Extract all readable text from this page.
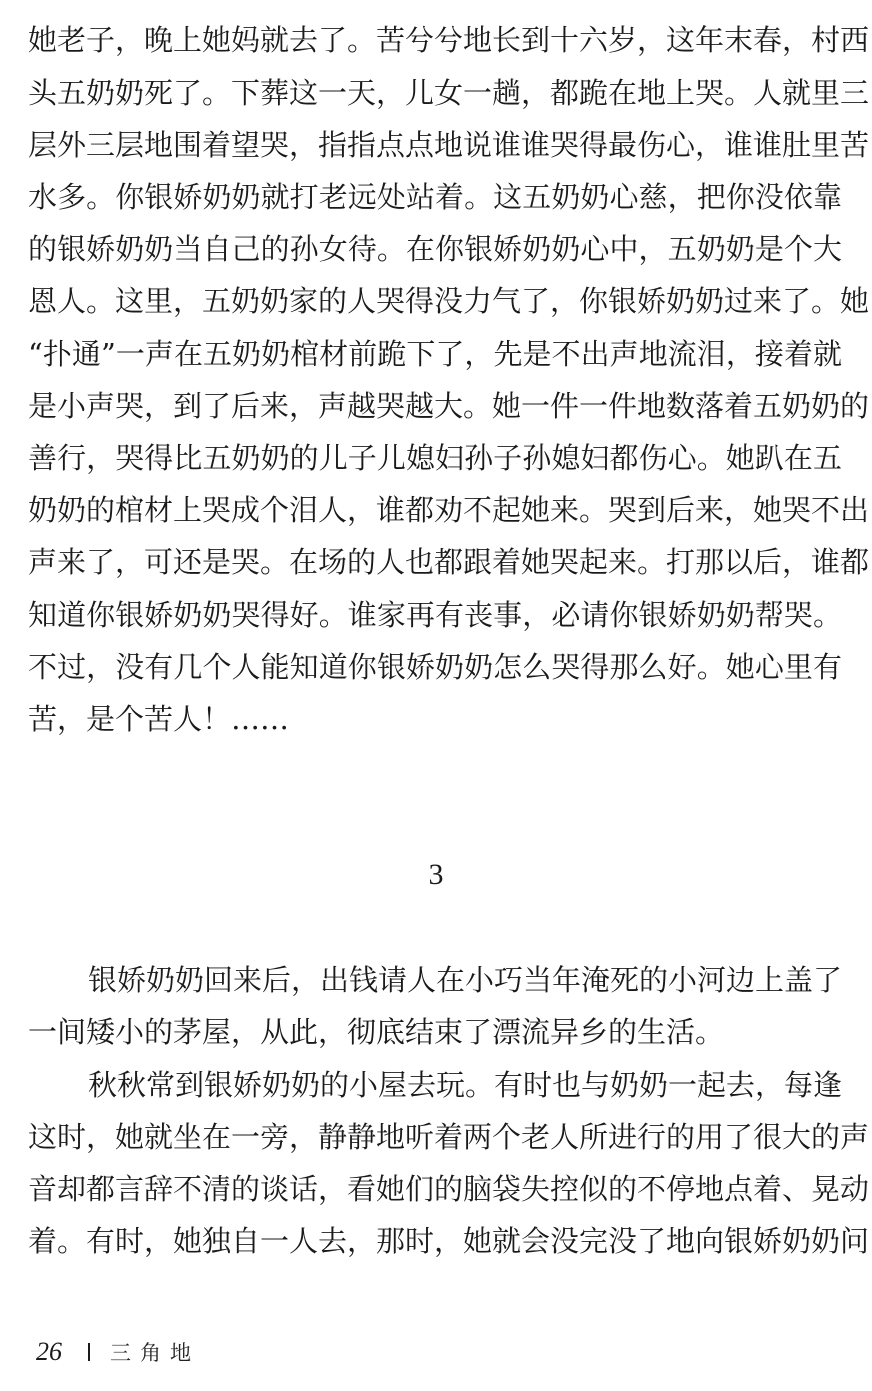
她老子，晚上她妈就去了。苦兮兮地长到十六岁，这年末春，村西
头五奶奶死了。下葬这一天，儿女一趟，都跪在地上哭。人就里三
层外三层地围着望哭，指指点点地说谁谁哭得最伤心，谁谁肚里苦
水多。你银娇奶奶就打老远处站着。这五奶奶心慈，把你没依靠
的银娇奶奶当自己的孙女待。在你银娇奶奶心中，五奶奶是个大
恩人。这里，五奶奶家的人哭得没力气了，你银娇奶奶过来了。她
“扑通”一声在五奶奶棺材前跪下了，先是不出声地流泪，接着就
是小声哭，到了后来，声越哭越大。她一件一件地数落着五奶奶的
善行，哭得比五奶奶的儿子儿媳妇孙子孙媳妇都伤心。她趴在五
奶奶的棺材上哭成个泪人，谁都劝不起她来。哭到后来，她哭不出
声来了，可还是哭。在场的人也都跟着她哭起来。打那以后，谁都
知道你银娇奶奶哭得好。谁家再有丧事，必请你银娇奶奶帮哭。
不过，没有几个人能知道你银娇奶奶怎么哭得那么好。她心里有
苦，是个苦人！……
3
银娇奶奶回来后，出钱请人在小巧当年淹死的小河边上盖了
一间矮小的茅屋，从此，彻底结束了漂流异乡的生活。
秋秋常到银娇奶奶的小屋去玩。有时也与奶奶一起去，每逢
这时，她就坐在一旁，静静地听着两个老人所进行的用了很大的声
音却都言辞不清的谈话，看她们的脑袋失控似的不停地点着、晃动
着。有时，她独自一人去，那时，她就会没完没了地向银娇奶奶问
26 三角地
